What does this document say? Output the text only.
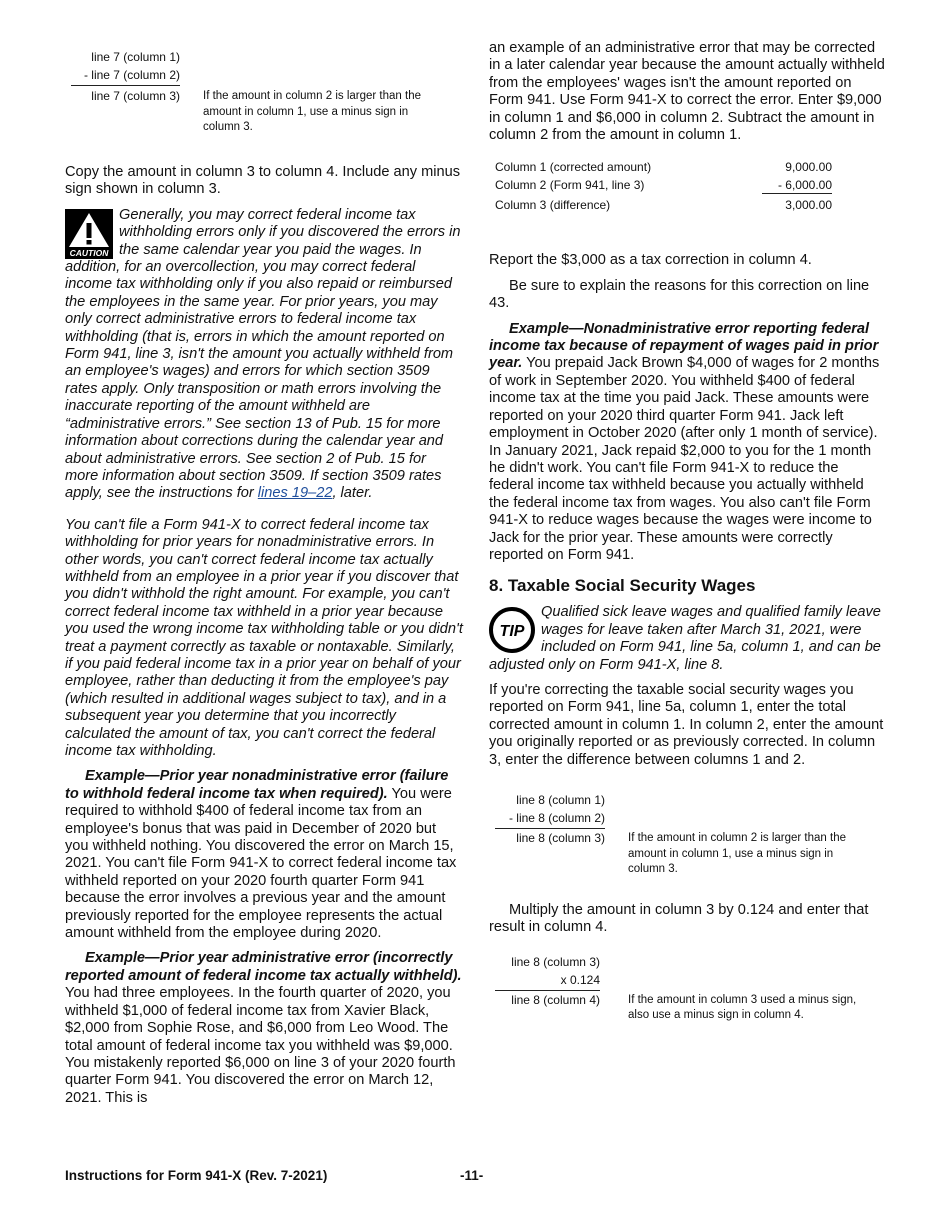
line 7 (column 1)
- line 7 (column 2)
line 7 (column 3) If the amount in column 2 is larger than the amount in column 1, use a minus sign in column 3.

Copy the amount in column 3 to column 4. Include any minus sign shown in column 3.

CAUTION
Generally, you may correct federal income tax withholding errors only if you discovered the errors in the same calendar year you paid the wages. In addition, for an overcollection, you may correct federal income tax withholding only if you also repaid or reimbursed the employees in the same year. For prior years, you may only correct administrative errors to federal income tax withholding (that is, errors in which the amount reported on Form 941, line 3, isn't the amount you actually withheld from an employee's wages) and errors for which section 3509 rates apply. Only transposition or math errors involving the inaccurate reporting of the amount withheld are “administrative errors.” See section 13 of Pub. 15 for more information about corrections during the calendar year and about administrative errors. See section 2 of Pub. 15 for more information about section 3509. If section 3509 rates apply, see the instructions for lines 19–22, later.

You can't file a Form 941-X to correct federal income tax withholding for prior years for nonadministrative errors. In other words, you can't correct federal income tax actually withheld from an employee in a prior year if you discover that you didn't withhold the right amount. For example, you can't correct federal income tax withheld in a prior year because you used the wrong income tax withholding table or you didn't treat a payment correctly as taxable or nontaxable. Similarly, if you paid federal income tax in a prior year on behalf of your employee, rather than deducting it from the employee's pay (which resulted in additional wages subject to tax), and in a subsequent year you determine that you incorrectly calculated the amount of tax, you can't correct the federal income tax withholding.

Example—Prior year nonadministrative error (failure to withhold federal income tax when required). You were required to withhold $400 of federal income tax from an employee's bonus that was paid in December of 2020 but you withheld nothing. You discovered the error on March 15, 2021. You can't file Form 941-X to correct federal income tax withheld reported on your 2020 fourth quarter Form 941 because the error involves a previous year and the amount previously reported for the employee represents the actual amount withheld from the employee during 2020.

Example—Prior year administrative error (incorrectly reported amount of federal income tax actually withheld). You had three employees. In the fourth quarter of 2020, you withheld $1,000 of federal income tax from Xavier Black, $2,000 from Sophie Rose, and $6,000 from Leo Wood. The total amount of federal income tax you withheld was $9,000. You mistakenly reported $6,000 on line 3 of your 2020 fourth quarter Form 941. You discovered the error on March 12, 2021. This is

an example of an administrative error that may be corrected in a later calendar year because the amount actually withheld from the employees' wages isn't the amount reported on Form 941. Use Form 941-X to correct the error. Enter $9,000 in column 1 and $6,000 in column 2. Subtract the amount in column 2 from the amount in column 1.

Column 1 (corrected amount)	9,000.00
Column 2 (Form 941, line 3)	- 6,000.00
Column 3 (difference)	3,000.00

Report the $3,000 as a tax correction in column 4.

Be sure to explain the reasons for this correction on line 43.

Example—Nonadministrative error reporting federal income tax because of repayment of wages paid in prior year. You prepaid Jack Brown $4,000 of wages for 2 months of work in September 2020. You withheld $400 of federal income tax at the time you paid Jack. These amounts were reported on your 2020 third quarter Form 941. Jack left employment in October 2020 (after only 1 month of service). In January 2021, Jack repaid $2,000 to you for the 1 month he didn't work. You can't file Form 941-X to reduce the federal income tax withheld because you actually withheld the federal income tax from wages. You also can't file Form 941-X to reduce wages because the wages were income to Jack for the prior year. These amounts were correctly reported on Form 941.

8. Taxable Social Security Wages

TIP
Qualified sick leave wages and qualified family leave wages for leave taken after March 31, 2021, were included on Form 941, line 5a, column 1, and can be adjusted only on Form 941-X, line 8.

If you're correcting the taxable social security wages you reported on Form 941, line 5a, column 1, enter the total corrected amount in column 1. In column 2, enter the amount you originally reported or as previously corrected. In column 3, enter the difference between columns 1 and 2.

line 8 (column 1)
- line 8 (column 2)
line 8 (column 3) If the amount in column 2 is larger than the amount in column 1, use a minus sign in column 3.

Multiply the amount in column 3 by 0.124 and enter that result in column 4.

line 8 (column 3)
x 0.124
line 8 (column 4) If the amount in column 3 used a minus sign, also use a minus sign in column 4.
Instructions for Form 941-X (Rev. 7-2021)	-11-
